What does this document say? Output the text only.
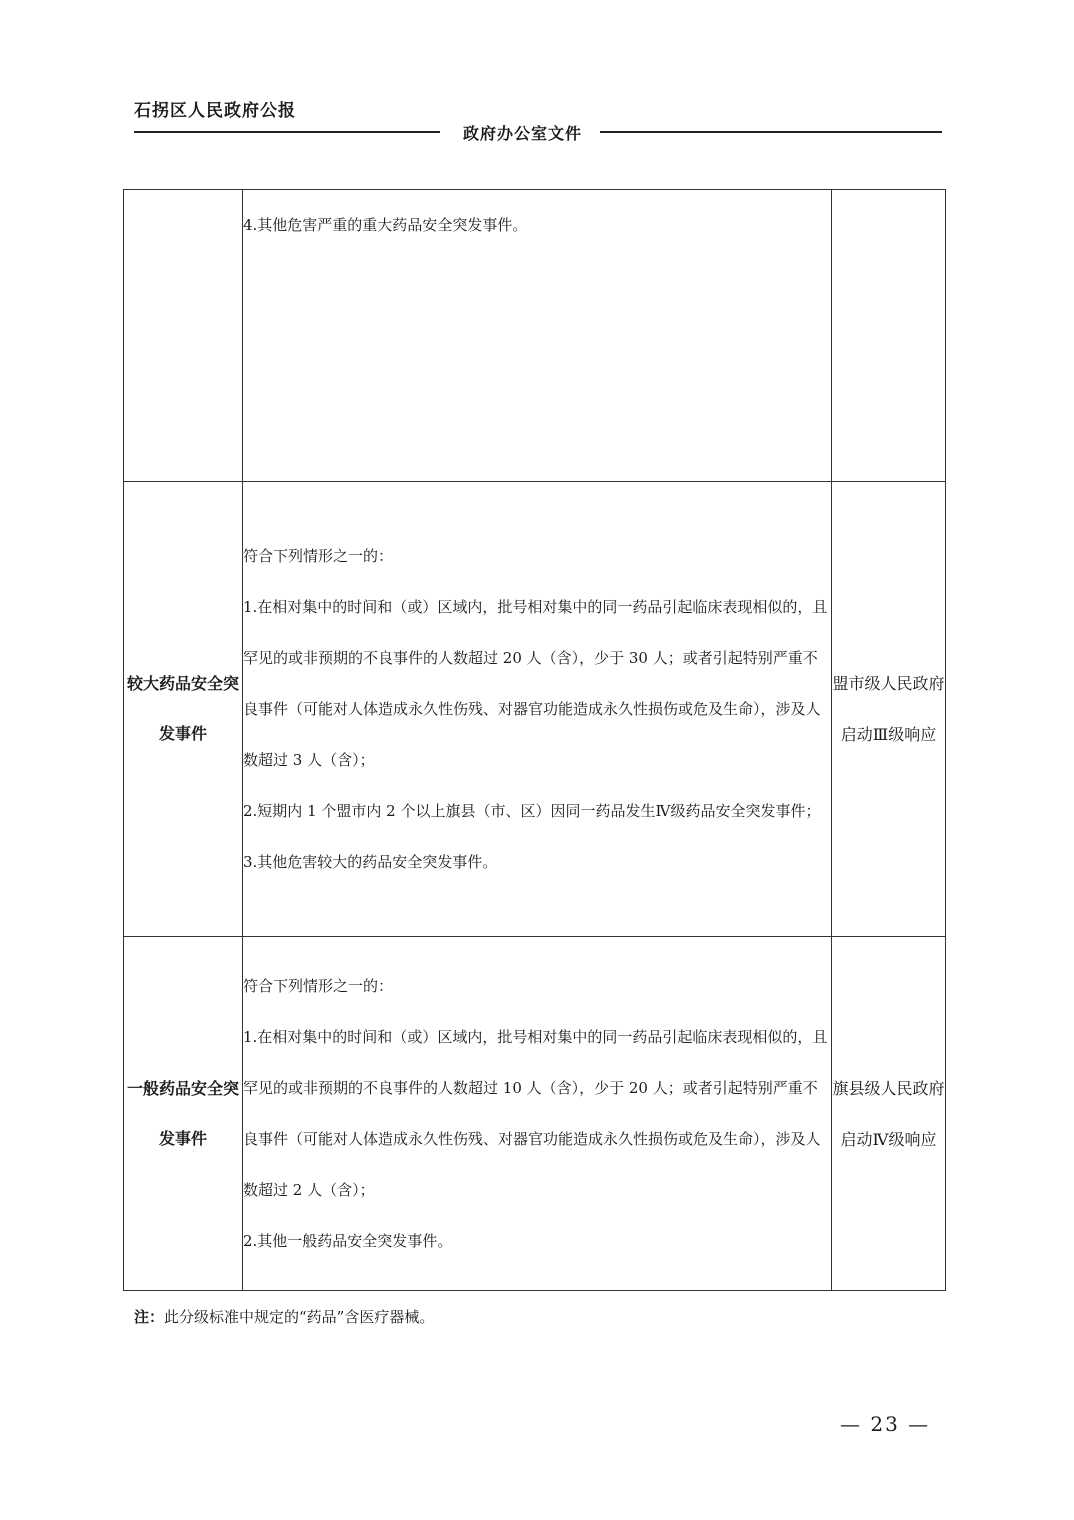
石拐区人民政府公报
政府办公室文件

	4.其他危害严重的重大药品安全突发事件。	

较大药品安全突发事件	符合下列情形之一的：

1.在相对集中的时间和（或）区域内，批号相对集中的同一药品引起临床表现相似的，且罕见的或非预期的不良事件的人数超过 20 人（含），少于 30 人；或者引起特别严重不良事件（可能对人体造成永久性伤残、对器官功能造成永久性损伤或危及生命），涉及人数超过 3 人（含）；

2.短期内 1 个盟市内 2 个以上旗县（市、区）因同一药品发生Ⅳ级药品安全突发事件；

3.其他危害较大的药品安全突发事件。	盟市级人民政府启动Ⅲ级响应
一般药品安全突发事件	符合下列情形之一的：

1.在相对集中的时间和（或）区域内，批号相对集中的同一药品引起临床表现相似的，且罕见的或非预期的不良事件的人数超过 10 人（含），少于 20 人；或者引起特别严重不良事件（可能对人体造成永久性伤残、对器官功能造成永久性损伤或危及生命），涉及人数超过 2 人（含）；

2.其他一般药品安全突发事件。	旗县级人民政府启动Ⅳ级响应
注：此分级标准中规定的“药品”含医疗器械。
— 23 —
